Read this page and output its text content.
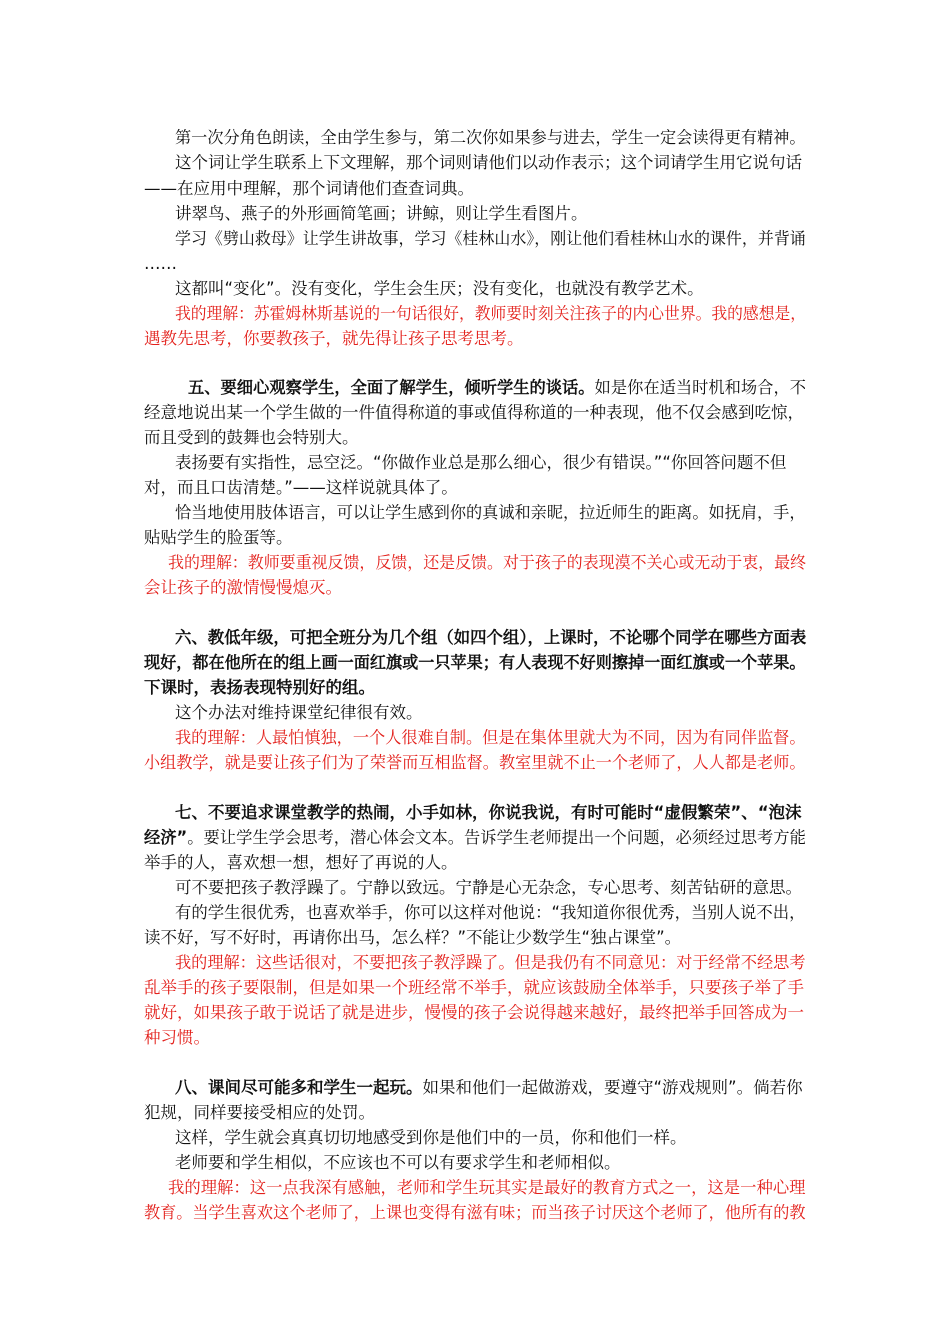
第一次分角色朗读，全由学生参与，第二次你如果参与进去，学生一定会读得更有精神。
这个词让学生联系上下文理解，那个词则请他们以动作表示；这个词请学生用它说句话
——在应用中理解，那个词请他们查查词典。
讲翠鸟、燕子的外形画简笔画；讲鲸，则让学生看图片。
学习《劈山救母》让学生讲故事，学习《桂林山水》，刚让他们看桂林山水的课件，并背诵
……
这都叫“变化”。没有变化，学生会生厌；没有变化，也就没有教学艺术。
我的理解：苏霍姆林斯基说的一句话很好，教师要时刻关注孩子的内心世界。我的感想是，
遇教先思考，你要教孩子，就先得让孩子思考思考。
五、要细心观察学生，全面了解学生，倾听学生的谈话。如是你在适当时机和场合，不
经意地说出某一个学生做的一件值得称道的事或值得称道的一种表现，他不仅会感到吃惊，
而且受到的鼓舞也会特别大。
表扬要有实指性，忌空泛。“你做作业总是那么细心，很少有错误。”“你回答问题不但
对，而且口齿清楚。”——这样说就具体了。
恰当地使用肢体语言，可以让学生感到你的真诚和亲昵，拉近师生的距离。如抚肩，手，
贴贴学生的脸蛋等。
我的理解：教师要重视反馈，反馈，还是反馈。对于孩子的表现漠不关心或无动于衷，最终
会让孩子的激情慢慢熄灭。
六、教低年级，可把全班分为几个组（如四个组），上课时，不论哪个同学在哪些方面表
现好，都在他所在的组上画一面红旗或一只苹果；有人表现不好则擦掉一面红旗或一个苹果。
下课时，表扬表现特别好的组。
这个办法对维持课堂纪律很有效。
我的理解：人最怕慎独，一个人很难自制。但是在集体里就大为不同，因为有同伴监督。
小组教学，就是要让孩子们为了荣誉而互相监督。教室里就不止一个老师了，人人都是老师。
七、不要追求课堂教学的热闹，小手如林，你说我说，有时可能时“虚假繁荣”、“泡沫
经济”。要让学生学会思考，潜心体会文本。告诉学生老师提出一个问题，必须经过思考方能
举手的人，喜欢想一想，想好了再说的人。
可不要把孩子教浮躁了。宁静以致远。宁静是心无杂念，专心思考、刻苦钻研的意思。
有的学生很优秀，也喜欢举手，你可以这样对他说：“我知道你很优秀，当别人说不出，
读不好，写不好时，再请你出马，怎么样？”不能让少数学生“独占课堂”。
我的理解：这些话很对，不要把孩子教浮躁了。但是我仍有不同意见：对于经常不经思考
乱举手的孩子要限制，但是如果一个班经常不举手，就应该鼓励全体举手，只要孩子举了手
就好，如果孩子敢于说话了就是进步，慢慢的孩子会说得越来越好，最终把举手回答成为一
种习惯。
八、课间尽可能多和学生一起玩。如果和他们一起做游戏，要遵守“游戏规则”。倘若你
犯规，同样要接受相应的处罚。
这样，学生就会真真切切地感受到你是他们中的一员，你和他们一样。
老师要和学生相似，不应该也不可以有要求学生和老师相似。
我的理解：这一点我深有感触，老师和学生玩其实是最好的教育方式之一，这是一种心理
教育。当学生喜欢这个老师了，上课也变得有滋有味；而当孩子讨厌这个老师了，他所有的教
